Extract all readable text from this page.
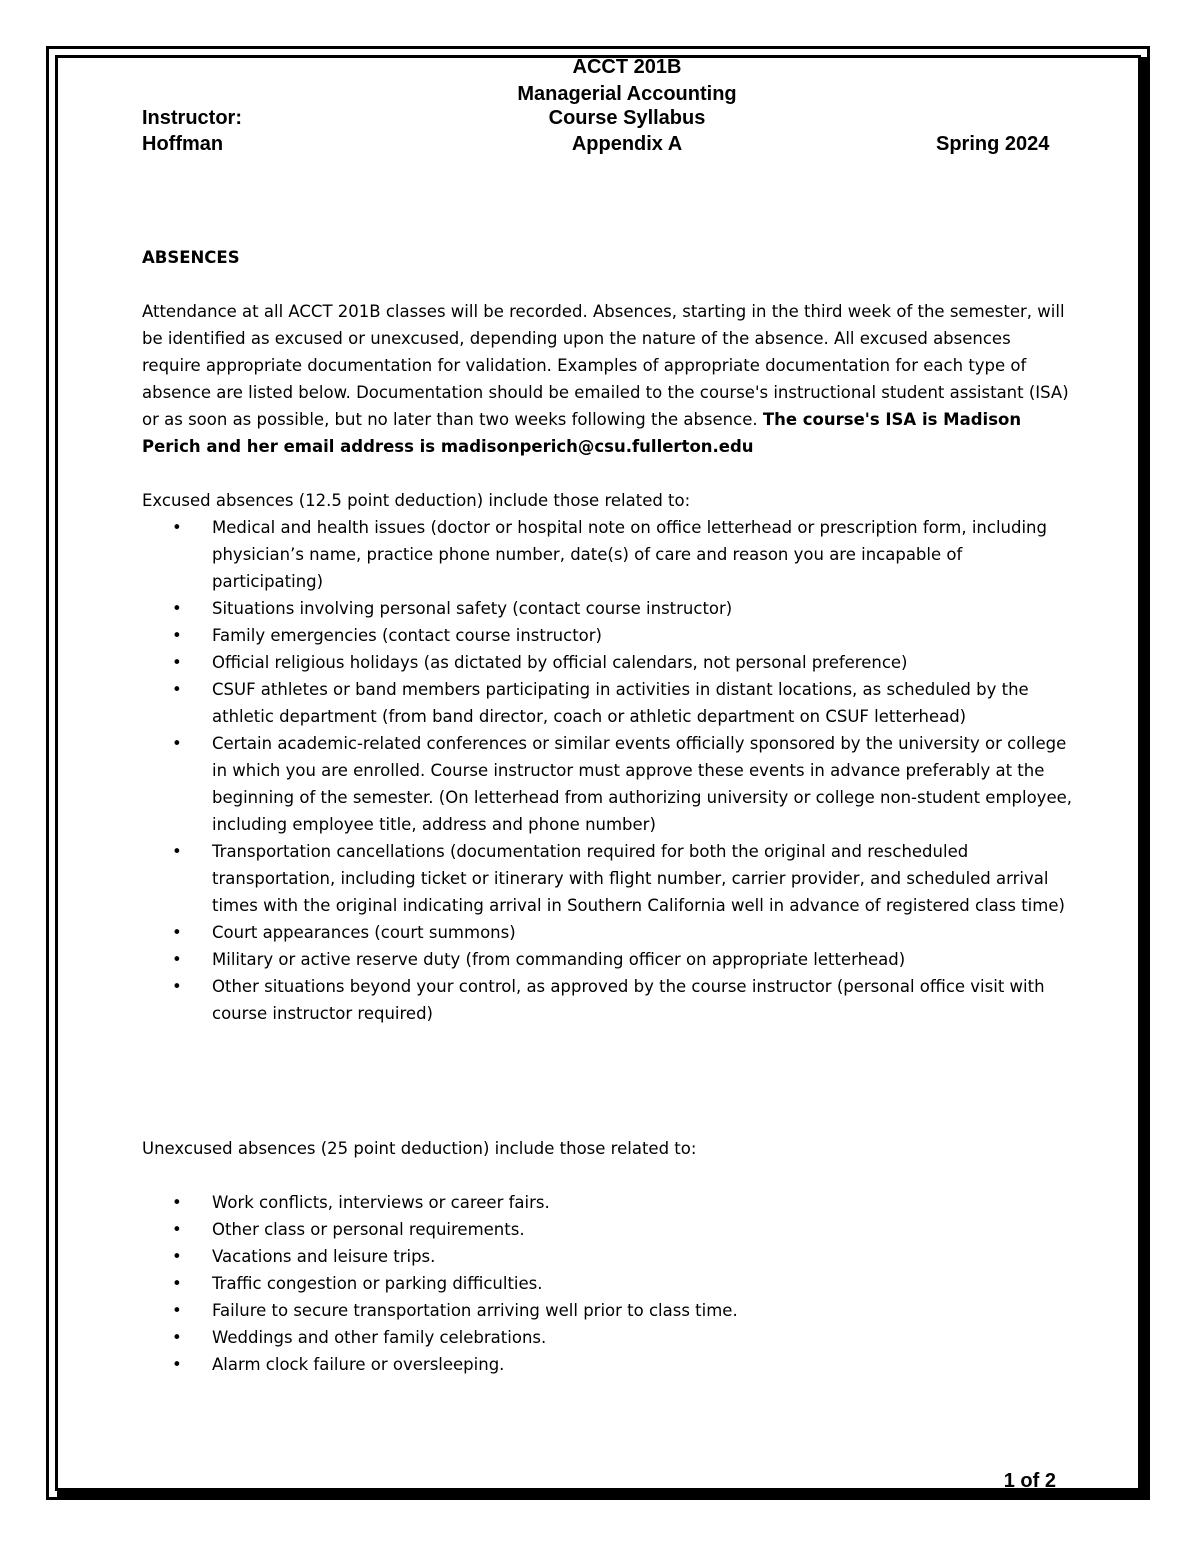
ACCT 201B
Managerial Accounting
Instructor:	Course Syllabus
Hoffman	Appendix A	Spring 2024

ABSENCES

Attendance at all ACCT 201B classes will be recorded. Absences, starting in the third week of the semester, will be identified as excused or unexcused, depending upon the nature of the absence. All excused absences require appropriate documentation for validation. Examples of appropriate documentation for each type of absence are listed below. Documentation should be emailed to the course's instructional student assistant (ISA) or as soon as possible, but no later than two weeks following the absence. The course's ISA is Madison Perich and her email address is madisonperich@csu.fullerton.edu

Excused absences (12.5 point deduction) include those related to:

• Medical and health issues (doctor or hospital note on office letterhead or prescription form, including physician’s name, practice phone number, date(s) of care and reason you are incapable of participating)
• Situations involving personal safety (contact course instructor)
• Family emergencies (contact course instructor)
• Official religious holidays (as dictated by official calendars, not personal preference)
• CSUF athletes or band members participating in activities in distant locations, as scheduled by the athletic department (from band director, coach or athletic department on CSUF letterhead)
• Certain academic-related conferences or similar events officially sponsored by the university or college in which you are enrolled. Course instructor must approve these events in advance preferably at the beginning of the semester. (On letterhead from authorizing university or college non-student employee, including employee title, address and phone number)
• Transportation cancellations (documentation required for both the original and rescheduled transportation, including ticket or itinerary with flight number, carrier provider, and scheduled arrival times with the original indicating arrival in Southern California well in advance of registered class time)
• Court appearances (court summons)
• Military or active reserve duty (from commanding officer on appropriate letterhead)
• Other situations beyond your control, as approved by the course instructor (personal office visit with course instructor required)

Unexcused absences (25 point deduction) include those related to:

• Work conflicts, interviews or career fairs.
• Other class or personal requirements.
• Vacations and leisure trips.
• Traffic congestion or parking difficulties.
• Failure to secure transportation arriving well prior to class time.
• Weddings and other family celebrations.
• Alarm clock failure or oversleeping.
1 of 2
